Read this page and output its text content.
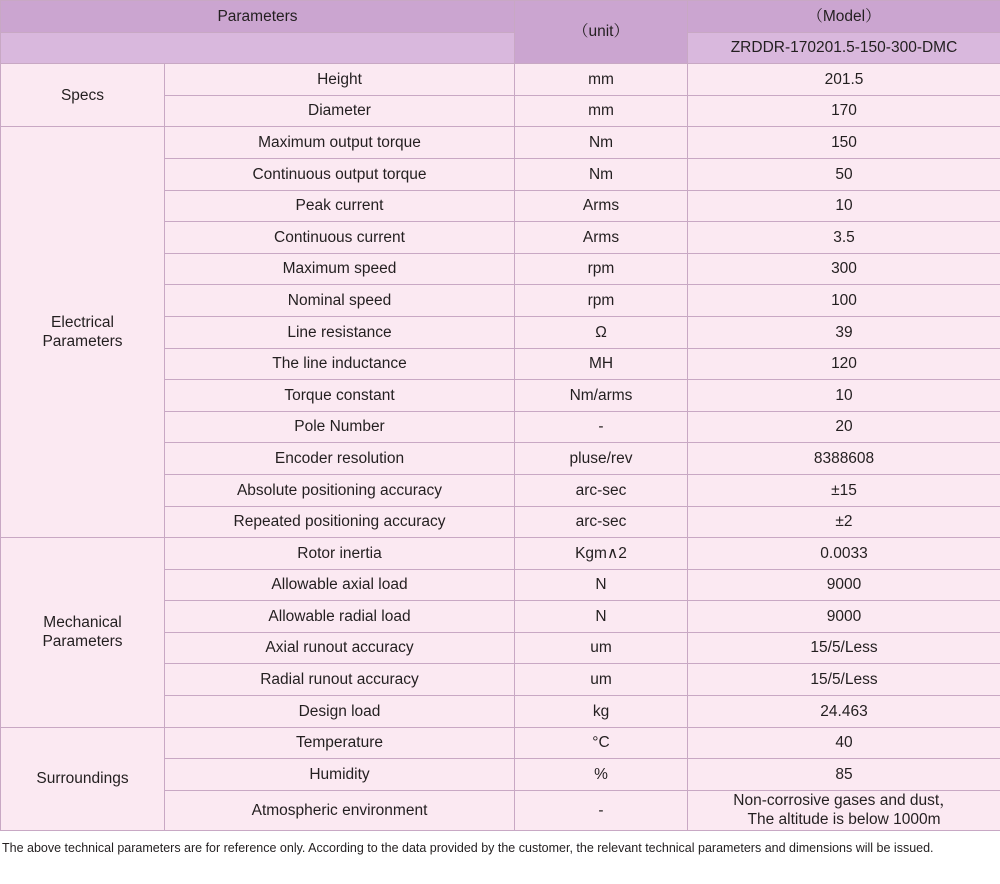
Parameters		（unit）	（Model）
			ZRDDR-170201.5-150-300-DMC
Specs	Height	mm	201.5
	Diameter	mm	170
Electrical
Parameters	Maximum output torque	Nm	150
	Continuous output torque	Nm	50
	Peak current	Arms	10
	Continuous current	Arms	3.5
	Maximum speed	rpm	300
	Nominal speed	rpm	100
	Line resistance	Ω	39
	The line inductance	MH	120
	Torque constant	Nm/arms	10
	Pole Number	-	20
	Encoder resolution	pluse/rev	8388608
	Absolute positioning accuracy	arc-sec	±15
	Repeated positioning accuracy	arc-sec	±2
Mechanical
Parameters	Rotor inertia	Kgm∧2	0.0033
	Allowable axial load	N	9000
	Allowable radial load	N	9000
	Axial runout accuracy	um	15/5/Less
	Radial runout accuracy	um	15/5/Less
	Design load	kg	24.463
Surroundings	Temperature	°C	40
	Humidity	%	85
	Atmospheric environment	-	Non-corrosive gases and dust，
The altitude is below 1000m
The above technical parameters are for reference only. According to the data provided by the customer, the relevant technical parameters and dimensions will be issued.
